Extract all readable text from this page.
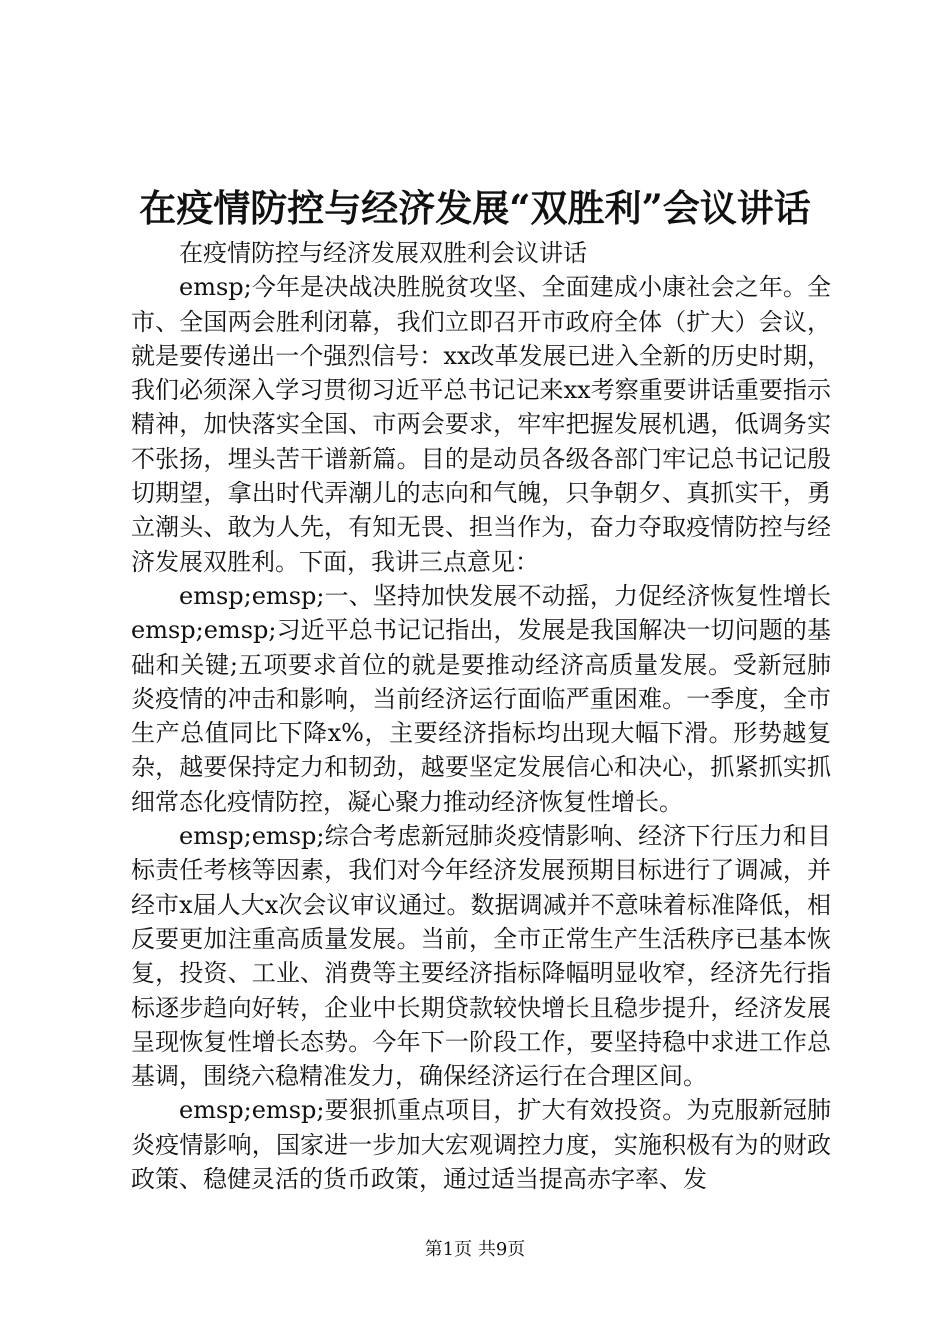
在疫情防控与经济发展“双胜利”会议讲话

在疫情防控与经济发展双胜利会议讲话

emsp;今年是决战决胜脱贫攻坚、全面建成小康社会之年。全市、全国两会胜利闭幕，我们立即召开市政府全体（扩大）会议，就是要传递出一个强烈信号：xx改革发展已进入全新的历史时期，我们必须深入学习贯彻习近平总书记记来xx考察重要讲话重要指示精神，加快落实全国、市两会要求，牢牢把握发展机遇，低调务实不张扬，埋头苦干谱新篇。目的是动员各级各部门牢记总书记记殷切期望，拿出时代弄潮儿的志向和气魄，只争朝夕、真抓实干，勇立潮头、敢为人先，有知无畏、担当作为，奋力夺取疫情防控与经济发展双胜利。下面，我讲三点意见：

emsp;emsp;一、坚持加快发展不动摇，力促经济恢复性增长emsp;emsp;习近平总书记记指出，发展是我国解决一切问题的基础和关键;五项要求首位的就是要推动经济高质量发展。受新冠肺炎疫情的冲击和影响，当前经济运行面临严重困难。一季度，全市生产总值同比下降x%，主要经济指标均出现大幅下滑。形势越复杂，越要保持定力和韧劲，越要坚定发展信心和决心，抓紧抓实抓细常态化疫情防控，凝心聚力推动经济恢复性增长。

emsp;emsp;综合考虑新冠肺炎疫情影响、经济下行压力和目标责任考核等因素，我们对今年经济发展预期目标进行了调减，并经市x届人大x次会议审议通过。数据调减并不意味着标准降低，相反要更加注重高质量发展。当前，全市正常生产生活秩序已基本恢复，投资、工业、消费等主要经济指标降幅明显收窄，经济先行指标逐步趋向好转，企业中长期贷款较快增长且稳步提升，经济发展呈现恢复性增长态势。今年下一阶段工作，要坚持稳中求进工作总基调，围绕六稳精准发力，确保经济运行在合理区间。

emsp;emsp;要狠抓重点项目，扩大有效投资。为克服新冠肺炎疫情影响，国家进一步加大宏观调控力度，实施积极有为的财政政策、稳健灵活的货币政策，通过适当提高赤字率、发

第1页 共9页
